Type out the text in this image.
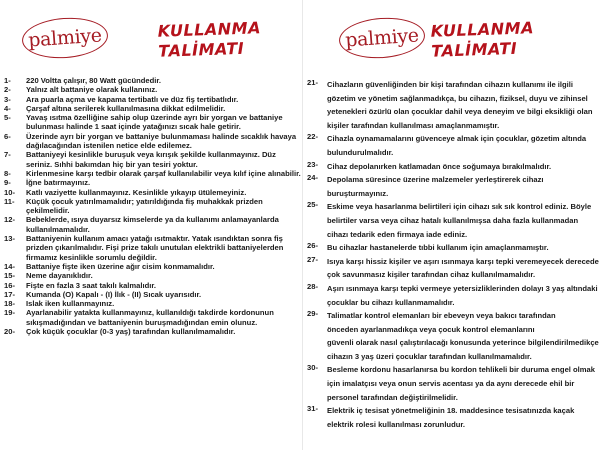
palmiye	KULLANMA
TALİMATI
1-	220 Voltta çalışır, 80 Watt gücündedir.
2-	Yalnız alt battaniye olarak kullanınız.
3-	Ara puarla açma ve kapama tertibatlı ve düz fiş tertibatlıdır.
4-	Çarşaf altına serilerek kullanılmasına dikkat edilmelidir.
5-	Yavaş ısıtma özelliğine sahip olup üzerinde ayrı bir yorgan ve battaniye
bulunması halinde 1 saat içinde yatağınızı sıcak hale getirir.
6-	Üzerinde ayrı bir yorgan ve battaniye bulunmaması halinde sıcaklık havaya
dağılacağından istenilen netice elde edilemez.
7-	Battaniyeyi kesinlikle buruşuk veya kırışık şekilde kullanmayınız. Düz
seriniz. Sıhhi bakımdan hiç bir yan tesiri yoktur.
8-	Kirlenmesine karşı tedbir olarak çarşaf kullanılabilir veya kılıf içine alınabilir.
9-	İğne batırmayınız.
10-	Katlı vaziyette kullanmayınız. Kesinlikle yıkayıp ütülemeyiniz.
11-	Küçük çocuk yatırılmamalıdır; yatırıldığında fiş muhakkak prizden
çekilmelidir.
12-	Bebeklerde, ısıya duyarsız kimselerde ya da kullanımı anlamayanlarda
kullanılmamalıdır.
13-	Battaniyenin kullanım amacı yatağı ısıtmaktır. Yatak ısındıktan sonra fiş
prizden çıkarılmalıdır. Fişi prize takılı unutulan elektrikli battaniyelerden
firmamız kesinlikle sorumlu değildir.
14-	Battaniye fişte iken üzerine ağır cisim konmamalıdır.
15-	Neme dayanıklıdır.
16-	Fişte en fazla 3 saat takılı kalmalıdır.
17-	Kumanda (O) Kapalı - (I) İlık - (II) Sıcak uyarısıdır.
18-	Islak iken kullanmayınız.
19-	Ayarlanabilir yatakta kullanmayınız, kullanıldığı takdirde kordonunun
sıkışmadığından ve battaniyenin buruşmadığından emin olunuz.
20-	Çok küçük çocuklar (0-3 yaş) tarafından kullanılmamalıdır.
palmiye KULLANMA
TALİMATI
21-	Cihazların güvenliğinden bir kişi tarafından cihazın kullanımı ile ilgili
gözetim ve yönetim sağlanmadıkça, bu cihazın, fiziksel, duyu ve zihinsel
yetenekleri özürlü olan çocuklar dahil veya deneyim ve bilgi eksikliği olan
kişiler tarafından kullanılması amaçlanmamıştır.
22-	Cihazla oynamamalarını güvenceye almak için çocuklar, gözetim altında
bulundurulmalıdır.
23-	Cihaz depolanırken katlamadan önce soğumaya bırakılmalıdır.
24-	Depolama süresince üzerine malzemeler yerleştirerek cihazı
buruşturmayınız.
25-	Eskime veya hasarlanma belirtileri için cihazı sık sık kontrol ediniz. Böyle
belirtiler varsa veya cihaz hatalı kullanılmışsa daha fazla kullanmadan
cihazı tedarik eden firmaya iade ediniz.
26-	Bu cihazlar hastanelerde tıbbi kullanım için amaçlanmamıştır.
27-	Isıya karşı hissiz kişiler ve aşırı ısınmaya karşı tepki veremeyecek derecede
çok savunmasız kişiler tarafından cihaz kullanılmamalıdır.
28-	Aşırı ısınmaya karşı tepki vermeye yetersizliklerinden dolayı 3 yaş altındaki
çocuklar bu cihazı kullanmamalıdır.
29-	Talimatlar kontrol elemanları bir ebeveyn veya bakıcı tarafından
önceden ayarlanmadıkça veya çocuk kontrol elemanlarını
güvenli olarak nasıl çalıştırılacağı konusunda yeterince bilgilendirilmedikçe
cihazın 3 yaş üzeri çocuklar tarafından kullanılmamalıdır.
30-	Besleme kordonu hasarlanırsa bu kordon tehlikeli bir duruma engel olmak
için imalatçısı veya onun servis acentası ya da aynı derecede ehil bir
personel tarafından değiştirilmelidir.
31-	Elektrik iç tesisat yönetmeliğinin 18. maddesince tesisatınızda kaçak
elektrik rolesi kullanılması zorunludur.
